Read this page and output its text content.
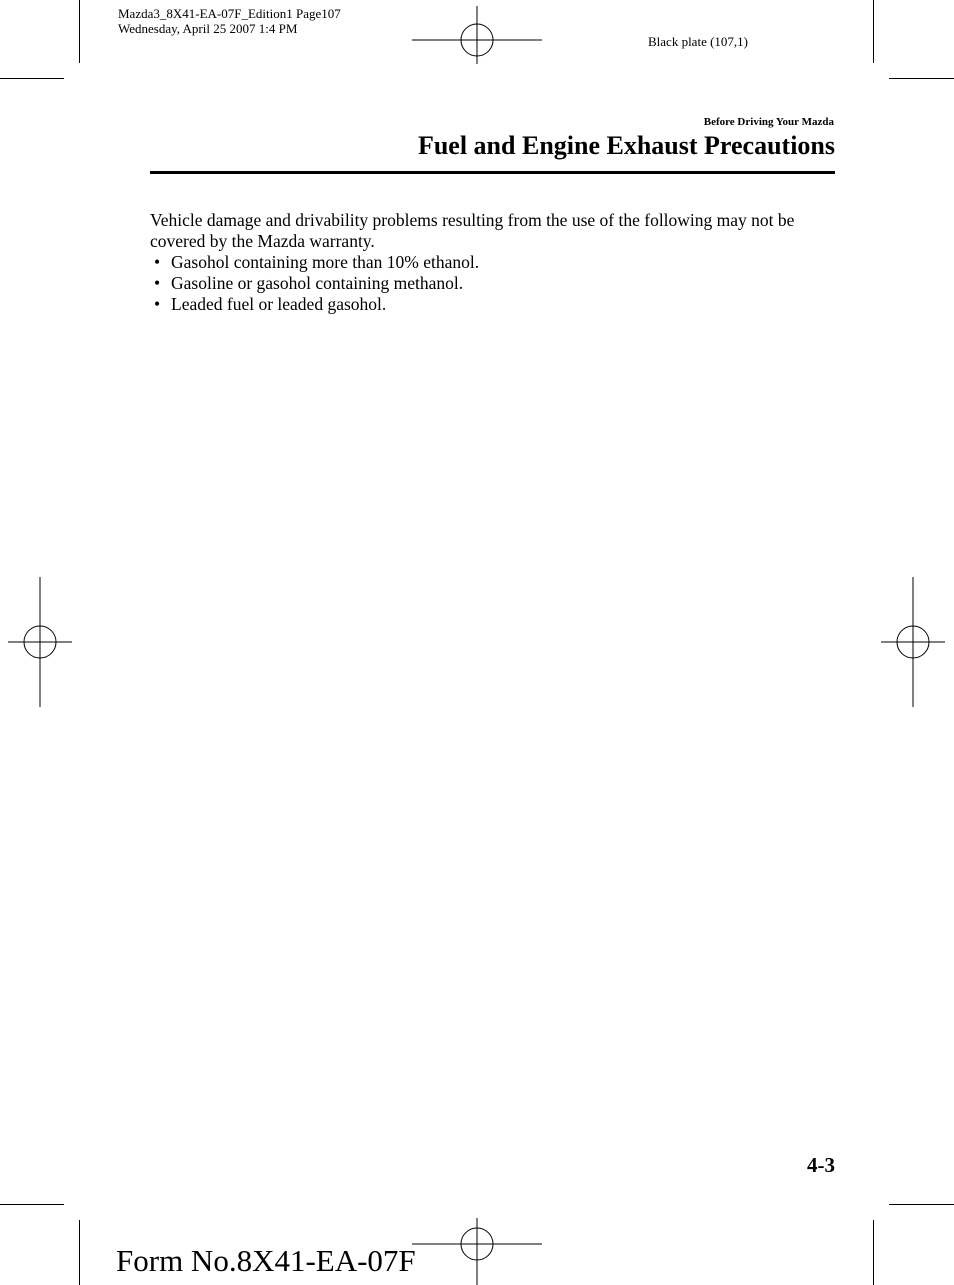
Mazda3_8X41-EA-07F_Edition1 Page107
Wednesday, April 25 2007 1:4 PM
Black plate (107,1)
Before Driving Your Mazda
Fuel and Engine Exhaust Precautions

Vehicle damage and drivability problems resulting from the use of the following may not be covered by the Mazda warranty.

• Gasohol containing more than 10% ethanol.
• Gasoline or gasohol containing methanol.
• Leaded fuel or leaded gasohol.
4-3
Form No.8X41-EA-07F
